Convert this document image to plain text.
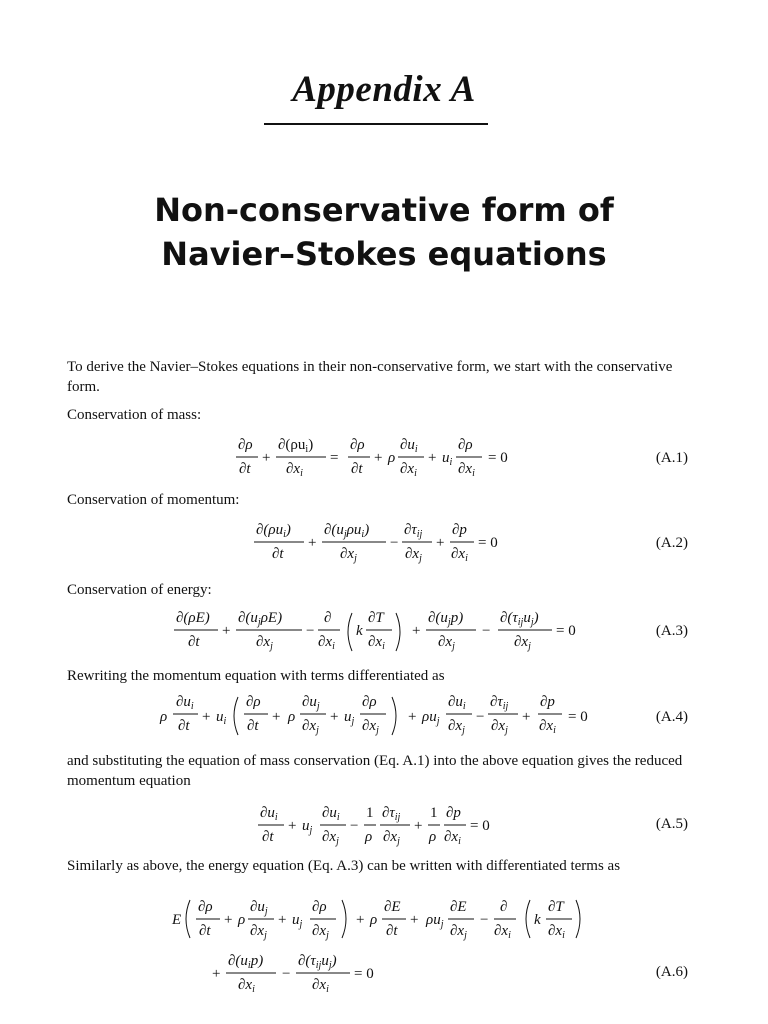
Appendix A
Non-conservative form of
Navier–Stokes equations
To derive the Navier–Stokes equations in their non-conservative form, we start with the conservative form.
Conservation of mass:
∂ρ
∂t
+
$\partial(\rho u_i)$
$\partial x_i$
=
∂ρ
∂t
+ ρ
$\partial u_i$
$\partial x_i$
+ $u_i$
∂ρ
$\partial x_i$
= 0	(A.1)
Conservation of momentum:
$\partial(\rho u_i)$
∂t
+
$\partial(u_j\rho u_i)$
$\partial x_j$
−
$\partial\tau_{ij}$
$\partial x_j$
+
∂p
$\partial x_i$
= 0	(A.2)
Conservation of energy:
∂(ρE)
∂t
+
$\partial(u_j\rho E)$
$\partial x_j$
−
∂
$\partial x_i$
k
∂T
$\partial x_i$
+
$\partial(u_jp)$
$\partial x_j$
−
$\partial(\tau_{ij}u_j)$
$\partial x_j$
= 0	(A.3)
Rewriting the momentum equation with terms differentiated as
ρ
$\partial u_i$
∂t
+ $u_i$
∂ρ
∂t
+ ρ
$\partial u_j$
$\partial x_j$
+ $u_j$
∂ρ
$\partial x_j$
+ $\rho u_j$
$\partial u_i$
$\partial x_j$
−
$\partial\tau_{ij}$
$\partial x_j$
+
∂p
$\partial x_i$
= 0	(A.4)
and substituting the equation of mass conservation (Eq. A.1) into the above equation gives the reduced momentum equation
$\partial u_i$
∂t
+ $u_j$
$\partial u_i$
$\partial x_j$
−
1
ρ
$\partial\tau_{ij}$
$\partial x_j$
+
1
ρ
∂p
$\partial x_i$
= 0	(A.5)
Similarly as above, the energy equation (Eq. A.3) can be written with differentiated terms as
E
∂ρ
∂t
+ ρ
$\partial u_j$
$\partial x_j$
+ $u_j$
∂ρ
$\partial x_j$
+ ρ
∂E
∂t
+ $\rho u_j$
∂E
$\partial x_j$
−
∂
$\partial x_i$
k
∂T
$\partial x_i$
+
$\partial(u_ip)$
$\partial x_i$
−
$\partial(\tau_{ij}u_j)$
$\partial x_i$
= 0	(A.6)
